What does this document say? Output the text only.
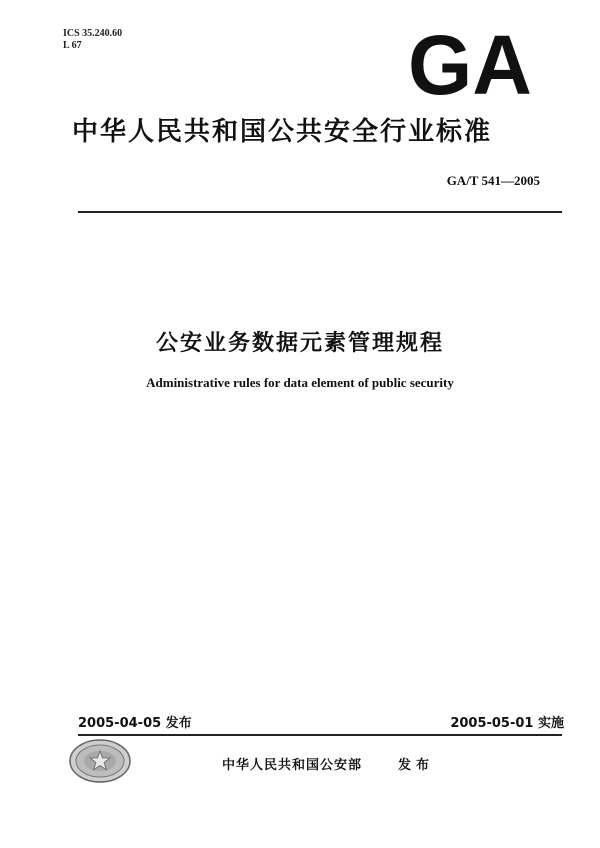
ICS 35.240.60
L 67	GA
中华人民共和国公共安全行业标准
GA/T 541—2005
公安业务数据元素管理规程
Administrative rules for data element of public security
2005-04-05 发布	2005-05-01 实施
中华人民共和国公安部	发布
